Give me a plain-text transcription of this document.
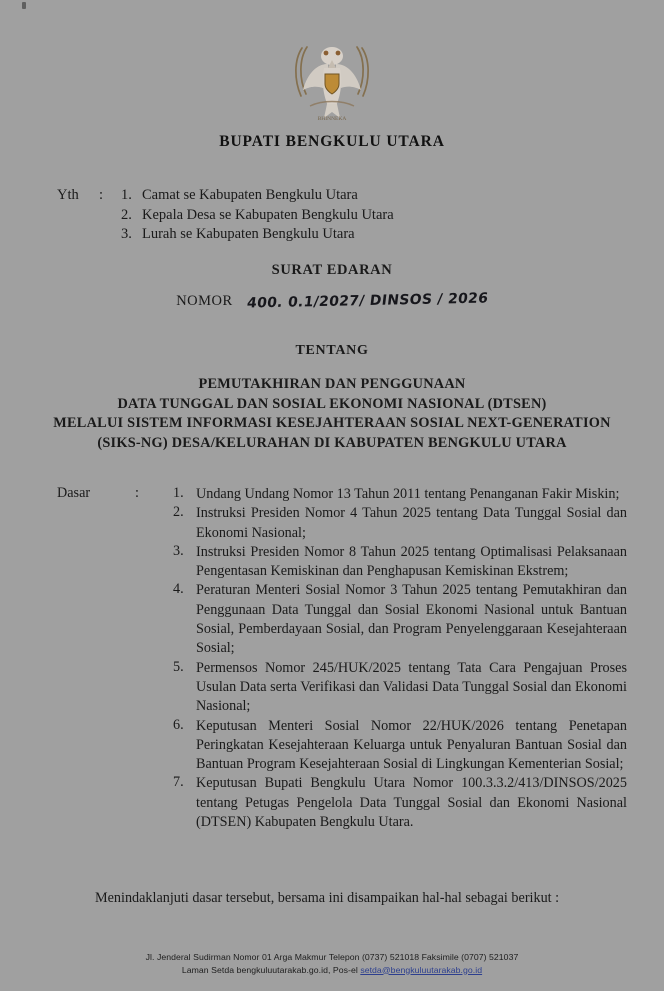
BHINNEKA
BUPATI BENGKULU UTARA
Yth	:	1. Camat se Kabupaten Bengkulu Utara
2. Kepala Desa se Kabupaten Bengkulu Utara
3. Lurah se Kabupaten Bengkulu Utara
SURAT EDARAN
NOMOR 400. 0.1/2027/ DINSOS / 2026
TENTANG
PEMUTAKHIRAN DAN PENGGUNAAN
DATA TUNGGAL DAN SOSIAL EKONOMI NASIONAL (DTSEN)
MELALUI SISTEM INFORMASI KESEJAHTERAAN SOSIAL NEXT-GENERATION
(SIKS-NG) DESA/KELURAHAN DI KABUPATEN BENGKULU UTARA
Dasar	:	1. Undang Undang Nomor 13 Tahun 2011 tentang Penanganan Fakir Miskin;
2. Instruksi Presiden Nomor 4 Tahun 2025 tentang Data Tunggal Sosial dan Ekonomi Nasional;
3. Instruksi Presiden Nomor 8 Tahun 2025 tentang Optimalisasi Pelaksanaan Pengentasan Kemiskinan dan Penghapusan Kemiskinan Ekstrem;
4. Peraturan Menteri Sosial Nomor 3 Tahun 2025 tentang Pemutakhiran dan Penggunaan Data Tunggal dan Sosial Ekonomi Nasional untuk Bantuan Sosial, Pemberdayaan Sosial, dan Program Penyelenggaraan Kesejahteraan Sosial;
5. Permensos Nomor 245/HUK/2025 tentang Tata Cara Pengajuan Proses Usulan Data serta Verifikasi dan Validasi Data Tunggal Sosial dan Ekonomi Nasional;
6. Keputusan Menteri Sosial Nomor 22/HUK/2026 tentang Penetapan Peringkatan Kesejahteraan Keluarga untuk Penyaluran Bantuan Sosial dan Bantuan Program Kesejahteraan Sosial di Lingkungan Kementerian Sosial;
7. Keputusan Bupati Bengkulu Utara Nomor 100.3.3.2/413/DINSOS/2025 tentang Petugas Pengelola Data Tunggal Sosial dan Ekonomi Nasional (DTSEN) Kabupaten Bengkulu Utara.
Menindaklanjuti dasar tersebut, bersama ini disampaikan hal-hal sebagai berikut :
Jl. Jenderal Sudirman Nomor 01 Arga Makmur Telepon (0737) 521018 Faksimile (0707) 521037
Laman Setda bengkuluutarakab.go.id, Pos-el setda@bengkuluutarakab.go.id
